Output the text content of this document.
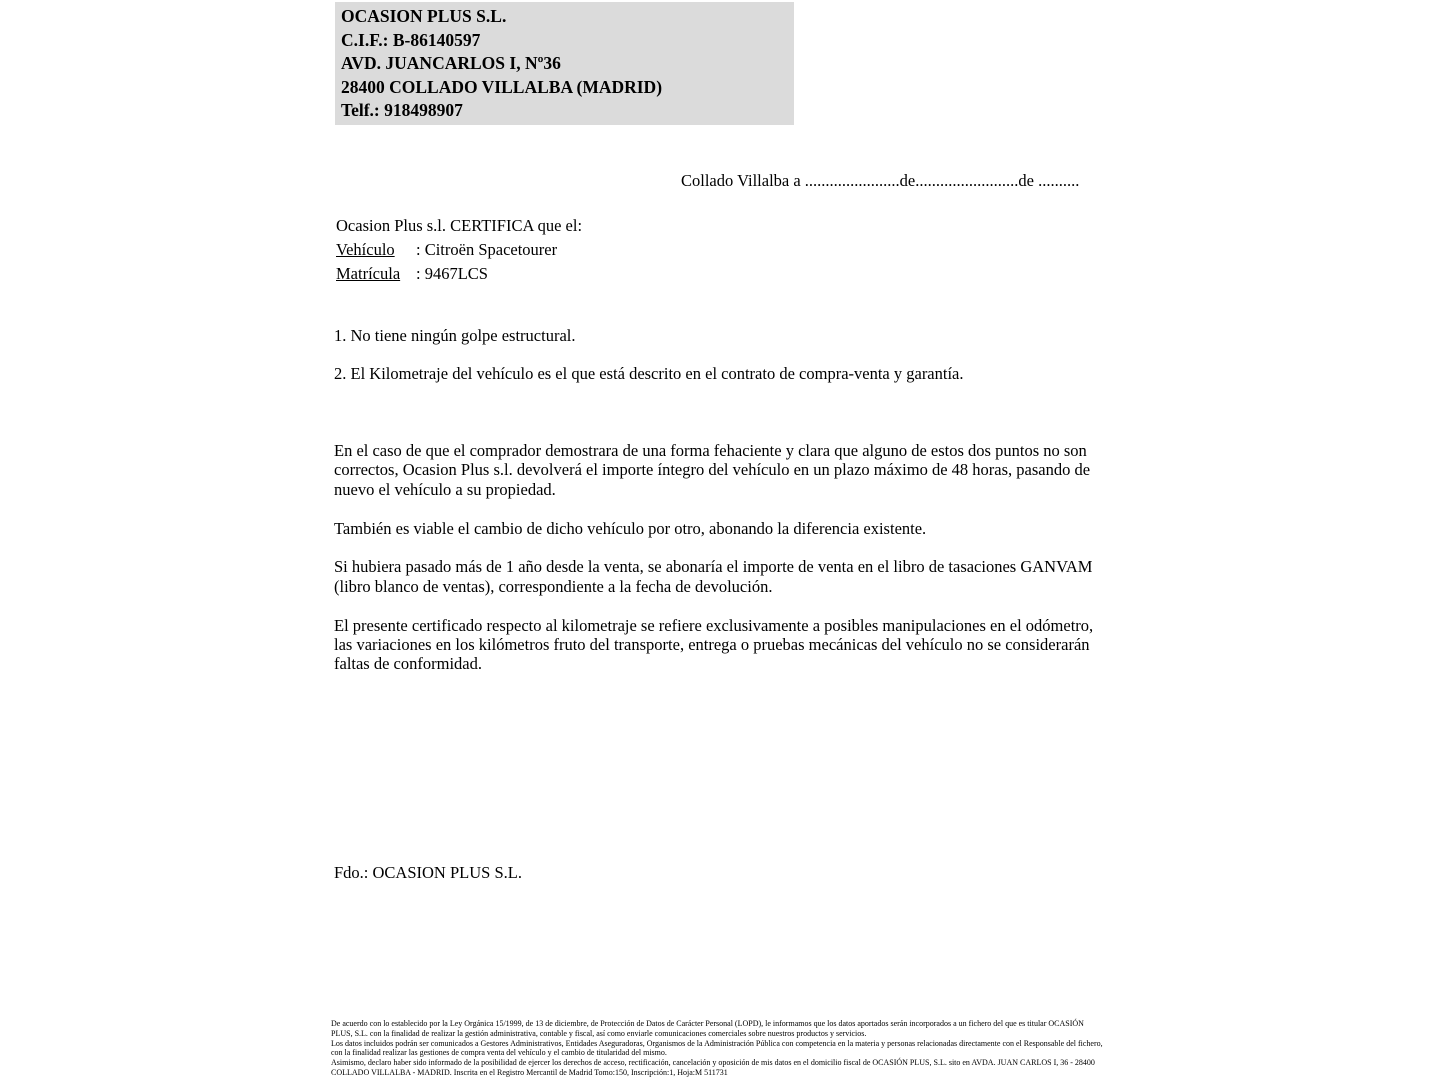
OCASION PLUS S.L.
C.I.F.: B-86140597
AVD. JUANCARLOS I, Nº36
28400 COLLADO VILLALBA (MADRID)
Telf.: 918498907
Collado Villalba a .......................de.........................de ..........
Ocasion Plus s.l. CERTIFICA que el:
Vehículo : Citroën Spacetourer
Matrícula : 9467LCS
1. No tiene ningún golpe estructural.
2. El Kilometraje del vehículo es el que está descrito en el contrato de compra-venta y garantía.

En el caso de que el comprador demostrara de una forma fehaciente y clara que alguno de estos dos puntos no son correctos, Ocasion Plus s.l. devolverá el importe íntegro del vehículo en un plazo máximo de 48 horas, pasando de nuevo el vehículo a su propiedad.

También es viable el cambio de dicho vehículo por otro, abonando la diferencia existente.

Si hubiera pasado más de 1 año desde la venta, se abonaría el importe de venta en el libro de tasaciones GANVAM (libro blanco de ventas), correspondiente a la fecha de devolución.

El presente certificado respecto al kilometraje se refiere exclusivamente a posibles manipulaciones en el odómetro, las variaciones en los kilómetros fruto del transporte, entrega o pruebas mecánicas del vehículo no se considerarán faltas de conformidad.

Fdo.: OCASION PLUS S.L.

De acuerdo con lo establecido por la Ley Orgánica 15/1999, de 13 de diciembre, de Protección de Datos de Carácter Personal (LOPD), le informamos que los datos aportados serán incorporados a un fichero del que es titular OCASIÓN PLUS, S.L. con la finalidad de realizar la gestión administrativa, contable y fiscal, así como enviarle comunicaciones comerciales sobre nuestros productos y servicios.

Los datos incluidos podrán ser comunicados a Gestores Administrativos, Entidades Aseguradoras, Organismos de la Administración Pública con competencia en la materia y personas relacionadas directamente con el Responsable del fichero, con la finalidad realizar las gestiones de compra venta del vehículo y el cambio de titularidad del mismo.

Asimismo, declaro haber sido informado de la posibilidad de ejercer los derechos de acceso, rectificación, cancelación y oposición de mis datos en el domicilio fiscal de OCASIÓN PLUS, S.L. sito en AVDA. JUAN CARLOS I, 36 - 28400 COLLADO VILLALBA - MADRID. Inscrita en el Registro Mercantil de Madrid Tomo:150, Inscripción:1, Hoja:M 511731
